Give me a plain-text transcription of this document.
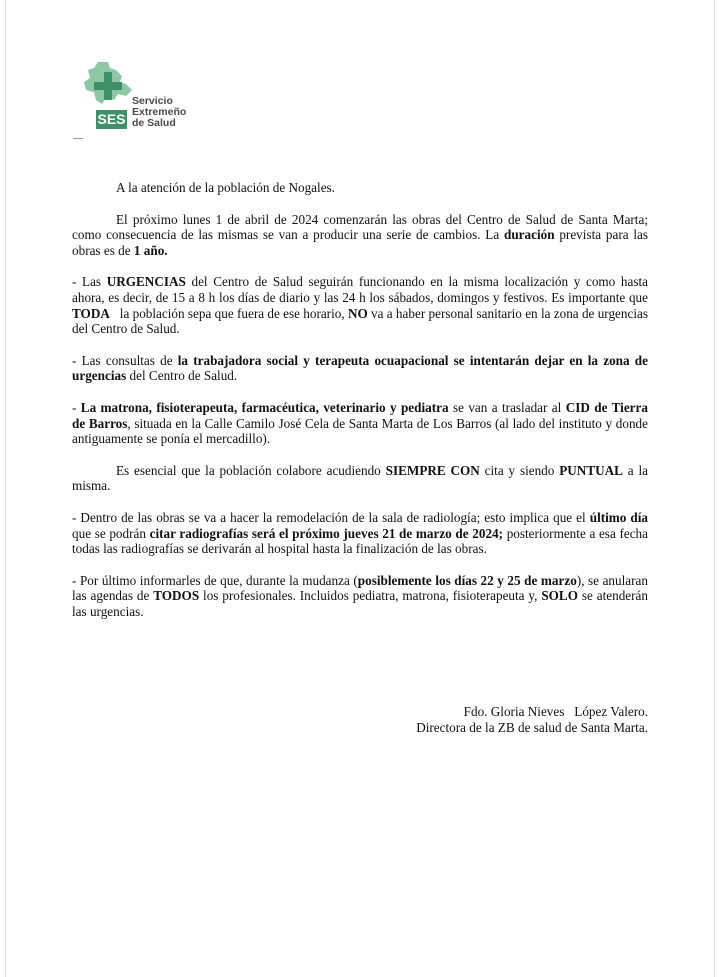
SES
Servicio
Extremeño
de Salud

A la atención de la población de Nogales.

El próximo lunes 1 de abril de 2024 comenzarán las obras del Centro de Salud de Santa Marta; como consecuencia de las mismas se van a producir una serie de cambios. La duración prevista para las obras es de 1 año.

- Las URGENCIAS del Centro de Salud seguirán funcionando en la misma localización y como hasta ahora, es decir, de 15 a 8 h los días de diario y las 24 h los sábados, domingos y festivos. Es importante que TODA   la población sepa que fuera de ese horario, NO va a haber personal sanitario en la zona de urgencias del Centro de Salud.

- Las consultas de la trabajadora social y terapeuta ocuapacional se intentarán dejar en la zona de urgencias del Centro de Salud.

- La matrona, fisioterapeuta, farmacéutica, veterinario y pediatra se van a trasladar al CID de Tierra de Barros, situada en la Calle Camilo José Cela de Santa Marta de Los Barros (al lado del instituto y donde antiguamente se ponía el mercadillo).

Es esencial que la población colabore acudiendo SIEMPRE CON cita y siendo PUNTUAL a la misma.

- Dentro de las obras se va a hacer la remodelación de la sala de radiología; esto implica que el último día que se podrán citar radiografías será el próximo jueves 21 de marzo de 2024; posteriormente a esa fecha todas las radiografías se derivarán al hospital hasta la finalización de las obras.

- Por último informarles de que, durante la mudanza (posiblemente los días 22 y 25 de marzo), se anularan las agendas de TODOS los profesionales. Incluidos pediatra, matrona, fisioterapeuta y, SOLO se atenderán las urgencias.

Fdo. Gloria Nieves   López Valero.
Directora de la ZB de salud de Santa Marta.
